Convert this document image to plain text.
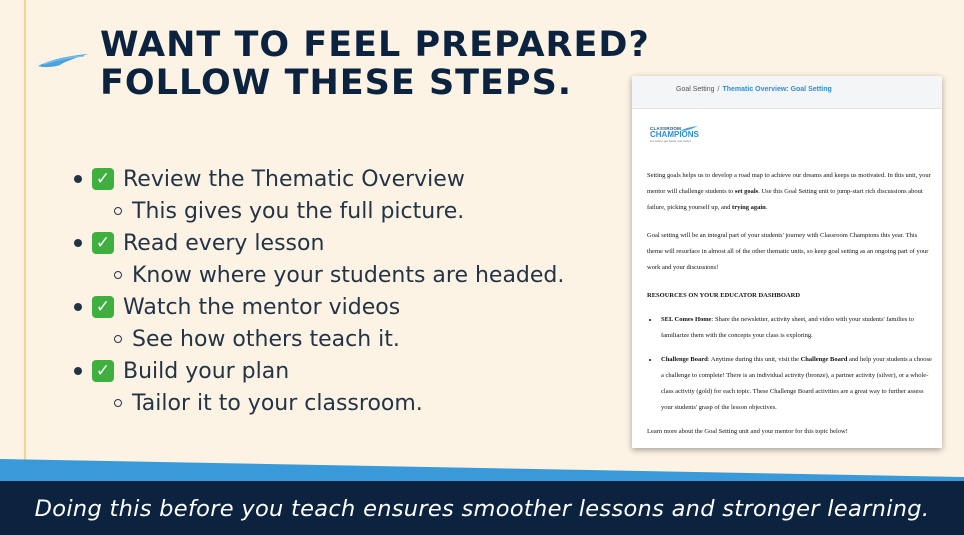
WANT TO FEEL PREPARED?
FOLLOW THESE STEPS.
✓ Review the Thematic Overview
This gives you the full picture.
✓ Read every lesson
Know where your students are headed.
✓ Watch the mentor videos
See how others teach it.
✓ Build your plan
Tailor it to your classroom.
Goal Setting / Thematic Overview: Goal Setting
CLASSROOM
CHAMPIONS
live better get better and better

Setting goals helps us to develop a road map to achieve our dreams and keeps us motivated. In this unit, your mentor will challenge students to set goals. Use this Goal Setting unit to jump-start rich discussions about failure, picking yourself up, and trying again.

Goal setting will be an integral part of your students' journey with Classroom Champions this year. This theme will resurface in almost all of the other thematic units, so keep goal setting as an ongoing part of your work and your discussions!

RESOURCES ON YOUR EDUCATOR DASHBOARD
• SEL Comes Home: Share the newsletter, activity sheet, and video with your students' families to familiarize them with the concepts your class is exploring.
• Challenge Board: Anytime during this unit, visit the Challenge Board and help your students a choose a challenge to complete! There is an individual activity (bronze), a partner activity (silver), or a whole-class activity (gold) for each topic. These Challenge Board activities are a great way to further assess your students' grasp of the lesson objectives.

Learn more about the Goal Setting unit and your mentor for this topic below!

Doing this before you teach ensures smoother lessons and stronger learning.
